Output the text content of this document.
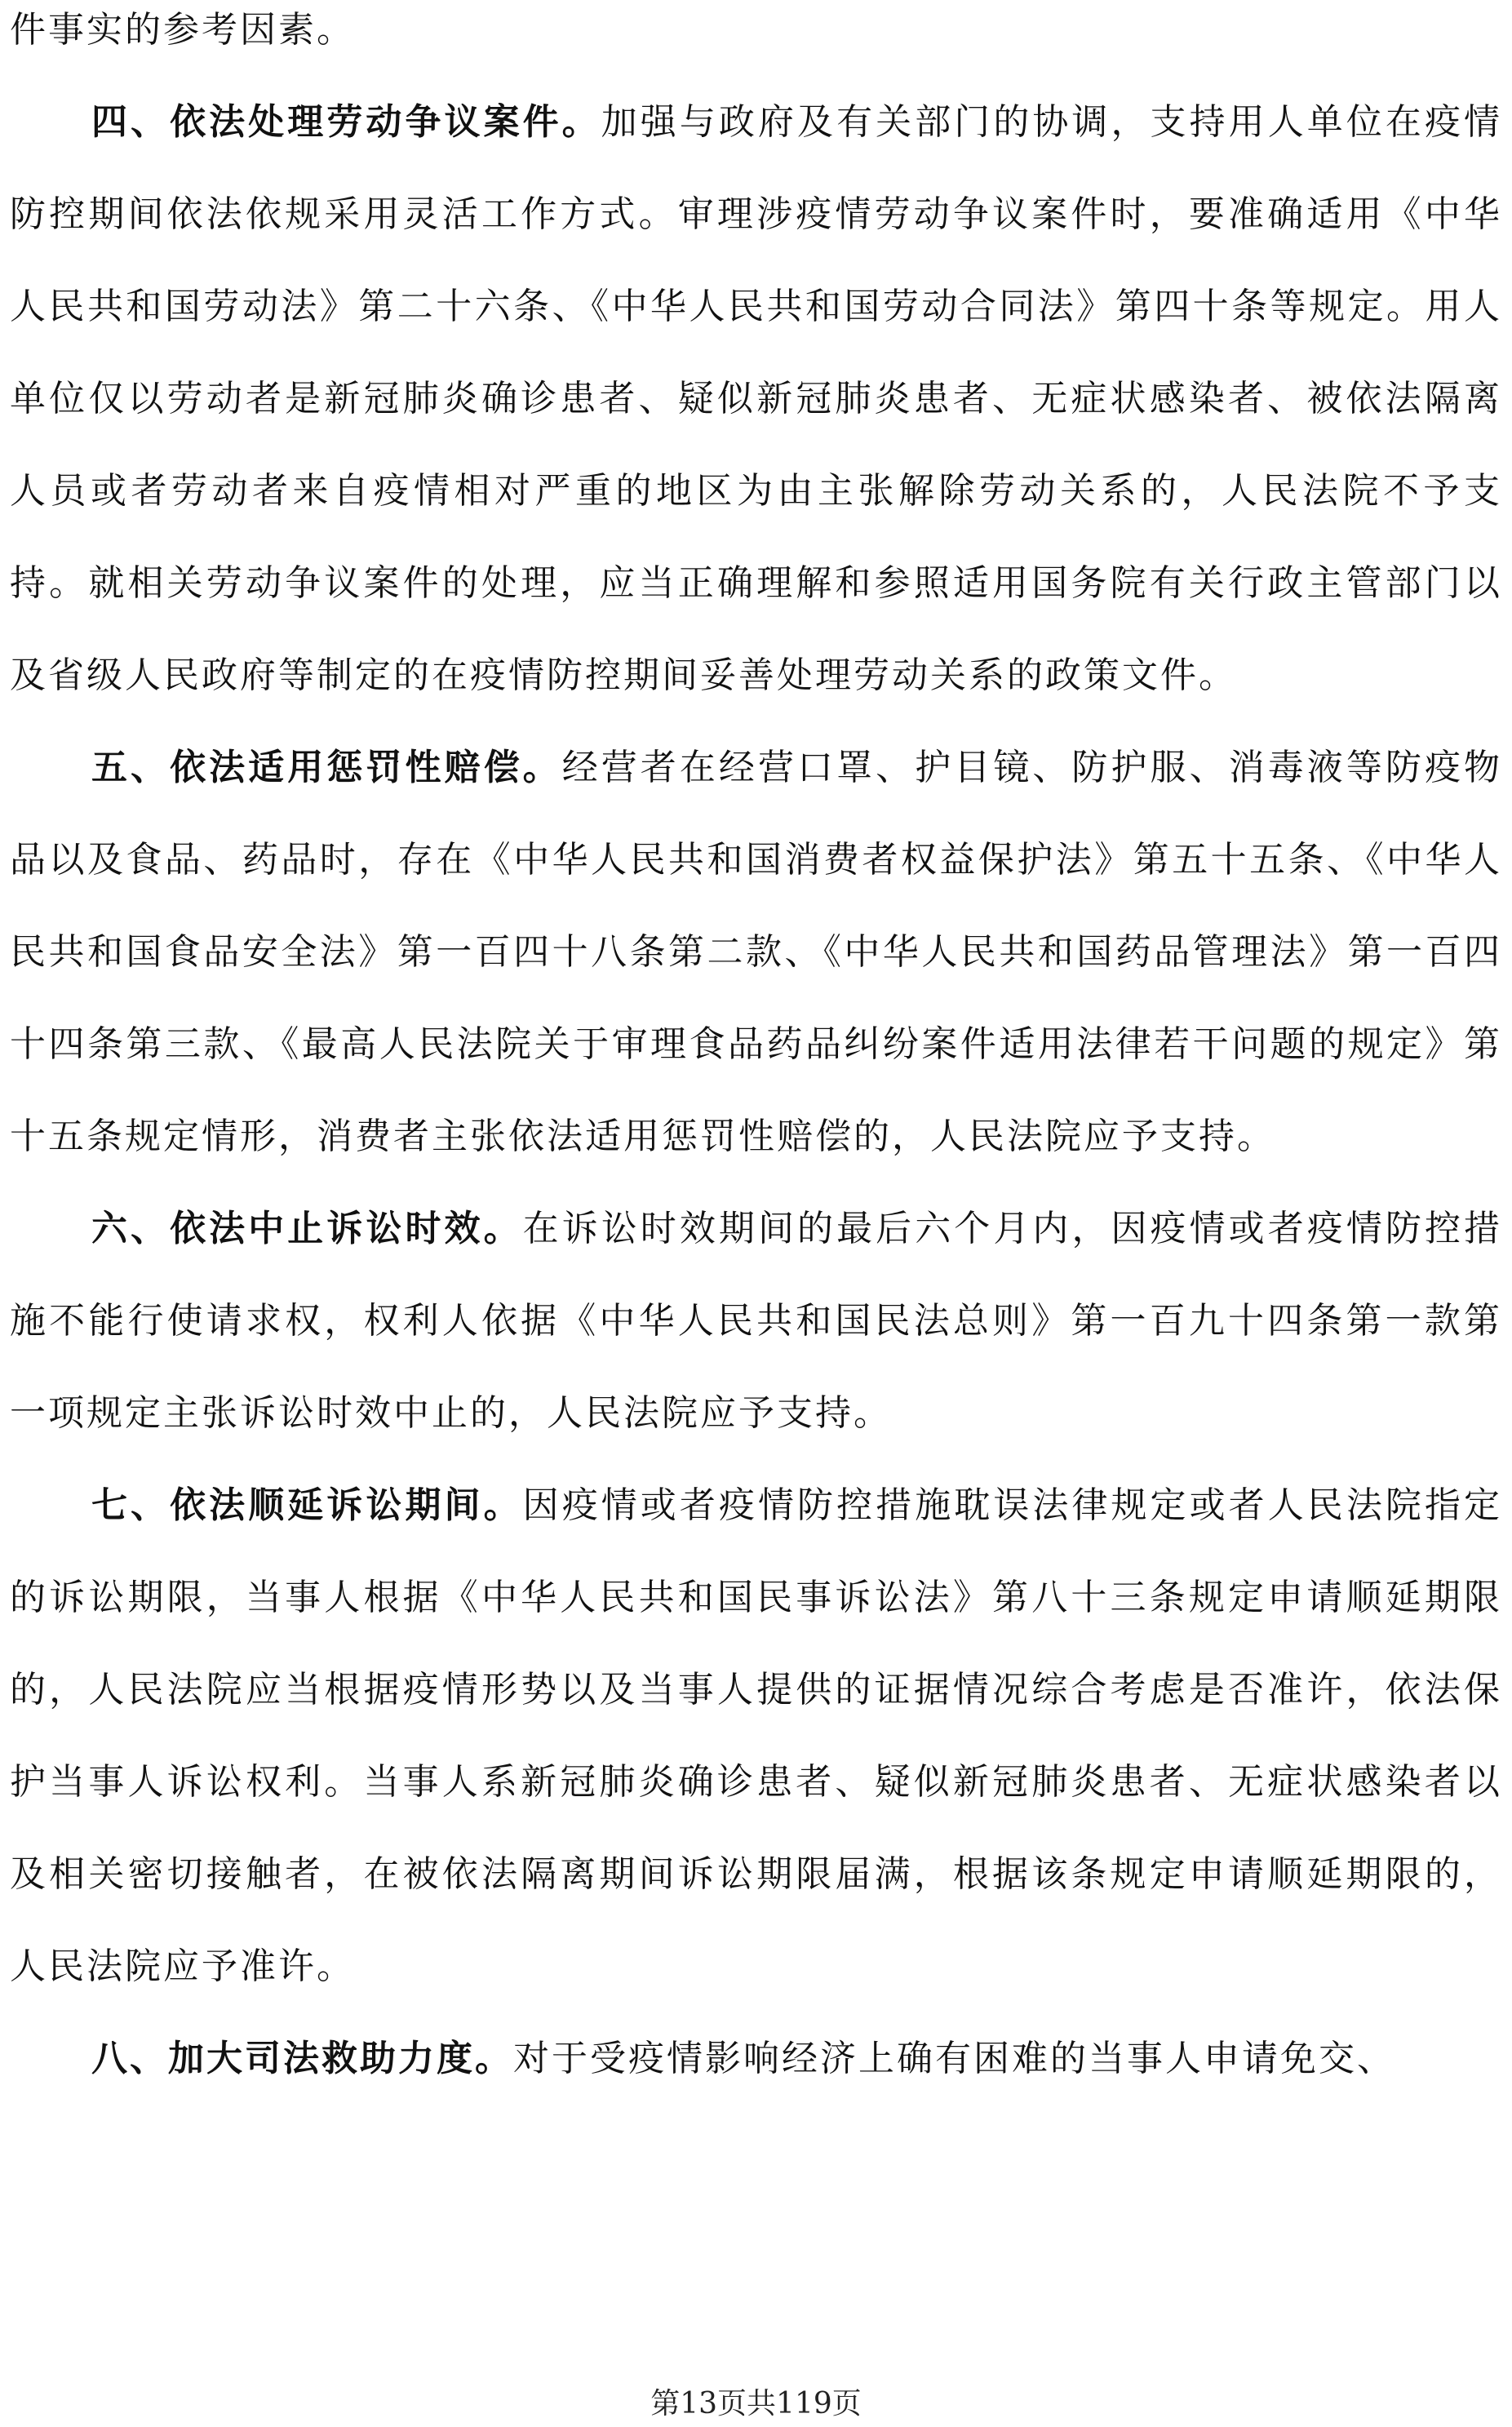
件事实的参考因素。

四、依法处理劳动争议案件。加强与政府及有关部门的协调，支持用人单位在疫情防控期间依法依规采用灵活工作方式。审理涉疫情劳动争议案件时，要准确适用《中华人民共和国劳动法》第二十六条、《中华人民共和国劳动合同法》第四十条等规定。用人单位仅以劳动者是新冠肺炎确诊患者、疑似新冠肺炎患者、无症状感染者、被依法隔离人员或者劳动者来自疫情相对严重的地区为由主张解除劳动关系的，人民法院不予支持。就相关劳动争议案件的处理，应当正确理解和参照适用国务院有关行政主管部门以及省级人民政府等制定的在疫情防控期间妥善处理劳动关系的政策文件。

五、依法适用惩罚性赔偿。经营者在经营口罩、护目镜、防护服、消毒液等防疫物品以及食品、药品时，存在《中华人民共和国消费者权益保护法》第五十五条、《中华人民共和国食品安全法》第一百四十八条第二款、《中华人民共和国药品管理法》第一百四十四条第三款、《最高人民法院关于审理食品药品纠纷案件适用法律若干问题的规定》第十五条规定情形，消费者主张依法适用惩罚性赔偿的，人民法院应予支持。

六、依法中止诉讼时效。在诉讼时效期间的最后六个月内，因疫情或者疫情防控措施不能行使请求权，权利人依据《中华人民共和国民法总则》第一百九十四条第一款第一项规定主张诉讼时效中止的，人民法院应予支持。

七、依法顺延诉讼期间。因疫情或者疫情防控措施耽误法律规定或者人民法院指定的诉讼期限，当事人根据《中华人民共和国民事诉讼法》第八十三条规定申请顺延期限的，人民法院应当根据疫情形势以及当事人提供的证据情况综合考虑是否准许，依法保护当事人诉讼权利。当事人系新冠肺炎确诊患者、疑似新冠肺炎患者、无症状感染者以及相关密切接触者，在被依法隔离期间诉讼期限届满，根据该条规定申请顺延期限的，人民法院应予准许。

八、加大司法救助力度。对于受疫情影响经济上确有困难的当事人申请免交、

第13页共119页
